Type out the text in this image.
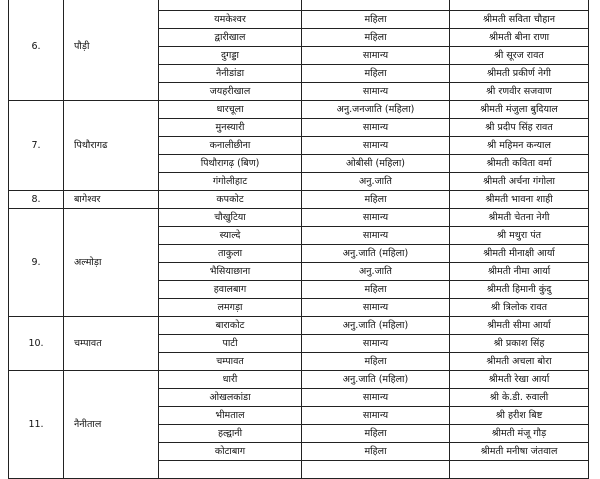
6.	पौड़ी			
		यमकेश्वर	महिला	श्रीमती सविता चौहान
		द्वारीखाल	महिला	श्रीमती बीना राणा
		दुगड्डा	सामान्य	श्री सूरज रावत
		नैनीडांडा	महिला	श्रीमती प्रकीर्ण नेगी
		जयहरीखाल	सामान्य	श्री रणवीर सजवाण
7.	पिथौरागढ	धारचूला	अनु.जनजाति (महिला)	श्रीमती मंजुला बुदियाल
		मुनस्यारी	सामान्य	श्री प्रदीप सिंह रावत
		कनालीछीना	सामान्य	श्री महिमन कन्याल
		पिथौरागढ़ (बिण)	ओबीसी (महिला)	श्रीमती कविता वर्मा
		गंगोलीहाट	अनु.जाति	श्रीमती अर्चना गंगोला
8.	बागेश्वर	कपकोट	महिला	श्रीमती भावना शाही
9.	अल्मोड़ा	चौखुटिया	सामान्य	श्रीमती चेतना नेगी
		स्याल्दे	सामान्य	श्री मथुरा पंत
		ताकुला	अनु.जाति (महिला)	श्रीमती मीनाक्षी आर्या
		भैसियाछाना	अनु.जाति	श्रीमती नीमा आर्या
		हवालबाग	महिला	श्रीमती हिमानी कुंदु
		लमगड़ा	सामान्य	श्री त्रिलोक रावत
10.	चम्पावत	बाराकोट	अनु.जाति (महिला)	श्रीमती सीमा आर्या
		पाटी	सामान्य	श्री प्रकाश सिंह
		चम्पावत	महिला	श्रीमती अचला बोरा
11.	नैनीताल	धारी	अनु.जाति (महिला)	श्रीमती रेखा आर्या
		ओखलकांडा	सामान्य	श्री के.डी. रुवाली
		भीमताल	सामान्य	श्री हरीश बिष्ट
		हल्द्वानी	महिला	श्रीमती मंजू गौड़
		कोटाबाग	महिला	श्रीमती मनीषा जंतवाल
